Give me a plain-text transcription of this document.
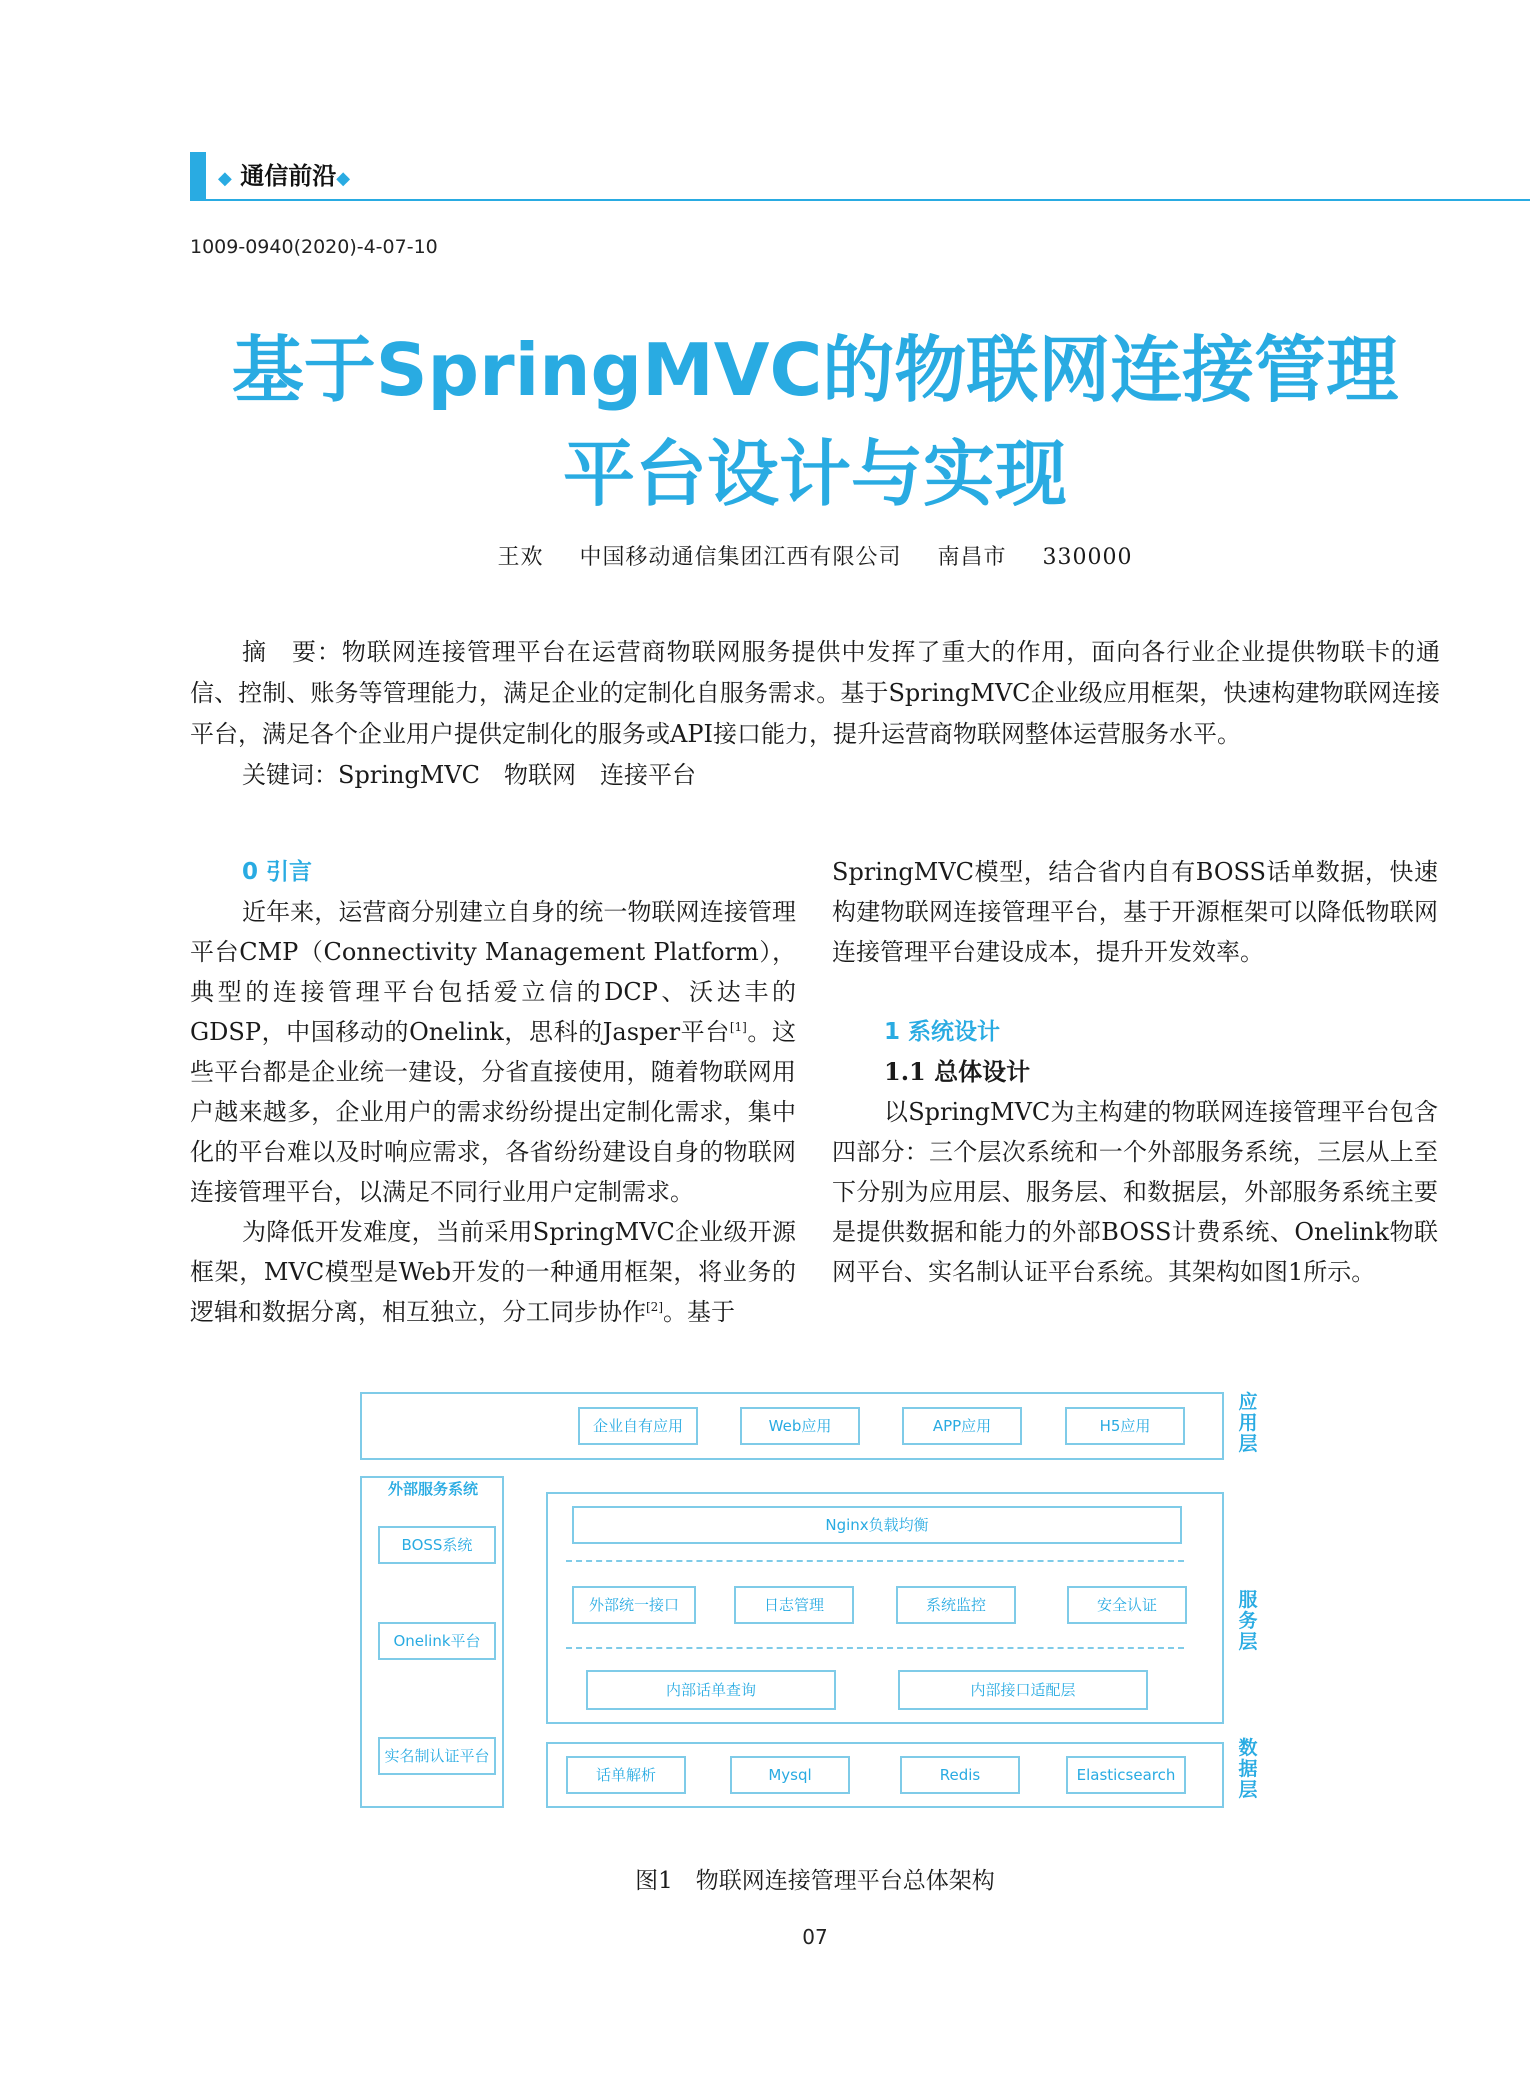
◆ 通信前沿◆
1009-0940(2020)-4-07-10
基于SpringMVC的物联网连接管理
平台设计与实现
王欢 中国移动通信集团江西有限公司 南昌市 330000

摘　要：物联网连接管理平台在运营商物联网服务提供中发挥了重大的作用，面向各行业企业提供物联卡的通信、控制、账务等管理能力，满足企业的定制化自服务需求。基于SpringMVC企业级应用框架，快速构建物联网连接平台，满足各个企业用户提供定制化的服务或API接口能力，提升运营商物联网整体运营服务水平。

关键词：SpringMVC　物联网　连接平台

0 引言

近年来，运营商分别建立自身的统一物联网连接管理平台CMP（Connectivity Management Platform），典型的连接管理平台包括爱立信的DCP、沃达丰的GDSP，中国移动的Onelink，思科的Jasper平台[1]。这些平台都是企业统一建设，分省直接使用，随着物联网用户越来越多，企业用户的需求纷纷提出定制化需求，集中化的平台难以及时响应需求，各省纷纷建设自身的物联网连接管理平台，以满足不同行业用户定制需求。

为降低开发难度，当前采用SpringMVC企业级开源框架，MVC模型是Web开发的一种通用框架，将业务的逻辑和数据分离，相互独立，分工同步协作[2]。基于

SpringMVC模型，结合省内自有BOSS话单数据，快速构建物联网连接管理平台，基于开源框架可以降低物联网连接管理平台建设成本，提升开发效率。

1 系统设计
1.1 总体设计

以SpringMVC为主构建的物联网连接管理平台包含四部分：三个层次系统和一个外部服务系统，三层从上至下分别为应用层、服务层、和数据层，外部服务系统主要是提供数据和能力的外部BOSS计费系统、Onelink物联网平台、实名制认证平台系统。其架构如图1所示。

企业自有应用	Web应用	APP应用	H5应用
应
用
层
外部服务系统
BOSS系统
Onelink平台
实名制认证平台
Nginx负载均衡
外部统一接口	日志管理	系统监控	安全认证
内部话单查询	内部接口适配层
服
务
层
话单解析	Mysql	Redis	Elasticsearch
数
据
层
图1　物联网连接管理平台总体架构
07
